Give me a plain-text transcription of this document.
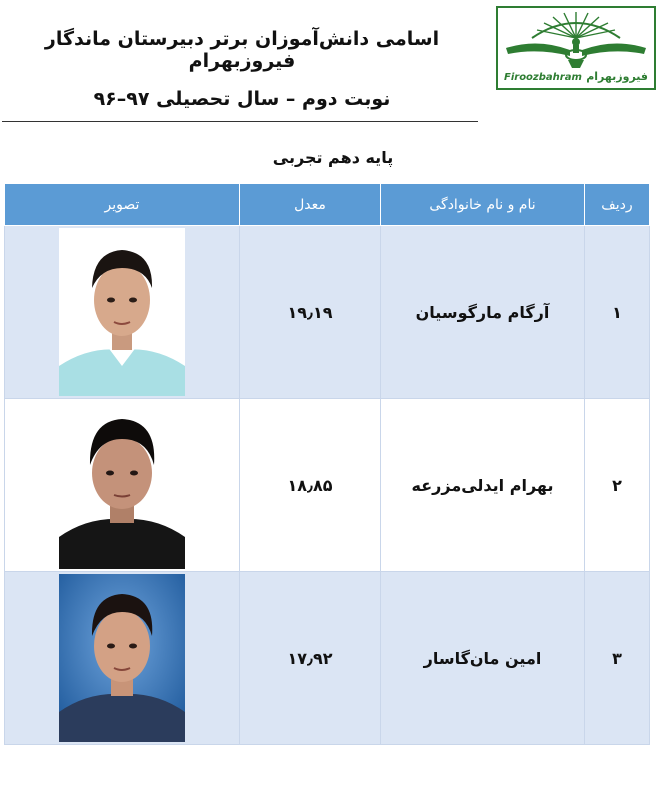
Firoozbahram فیروزبهرام
اسامی دانش‌آموزان برتر دبیرستان ماندگار فیروزبهرام
نوبت دوم – سال تحصیلی ۹۷–۹۶
پایه دهم تجربی
ردیف	نام و نام خانوادگی	معدل	تصویر
۱	آرگام مارگوسیان	۱۹٫۱۹	

۲	بهرام ایدلی‌مزرعه	۱۸٫۸۵	

۳	امین مان‌گاسار	۱۷٫۹۲	
